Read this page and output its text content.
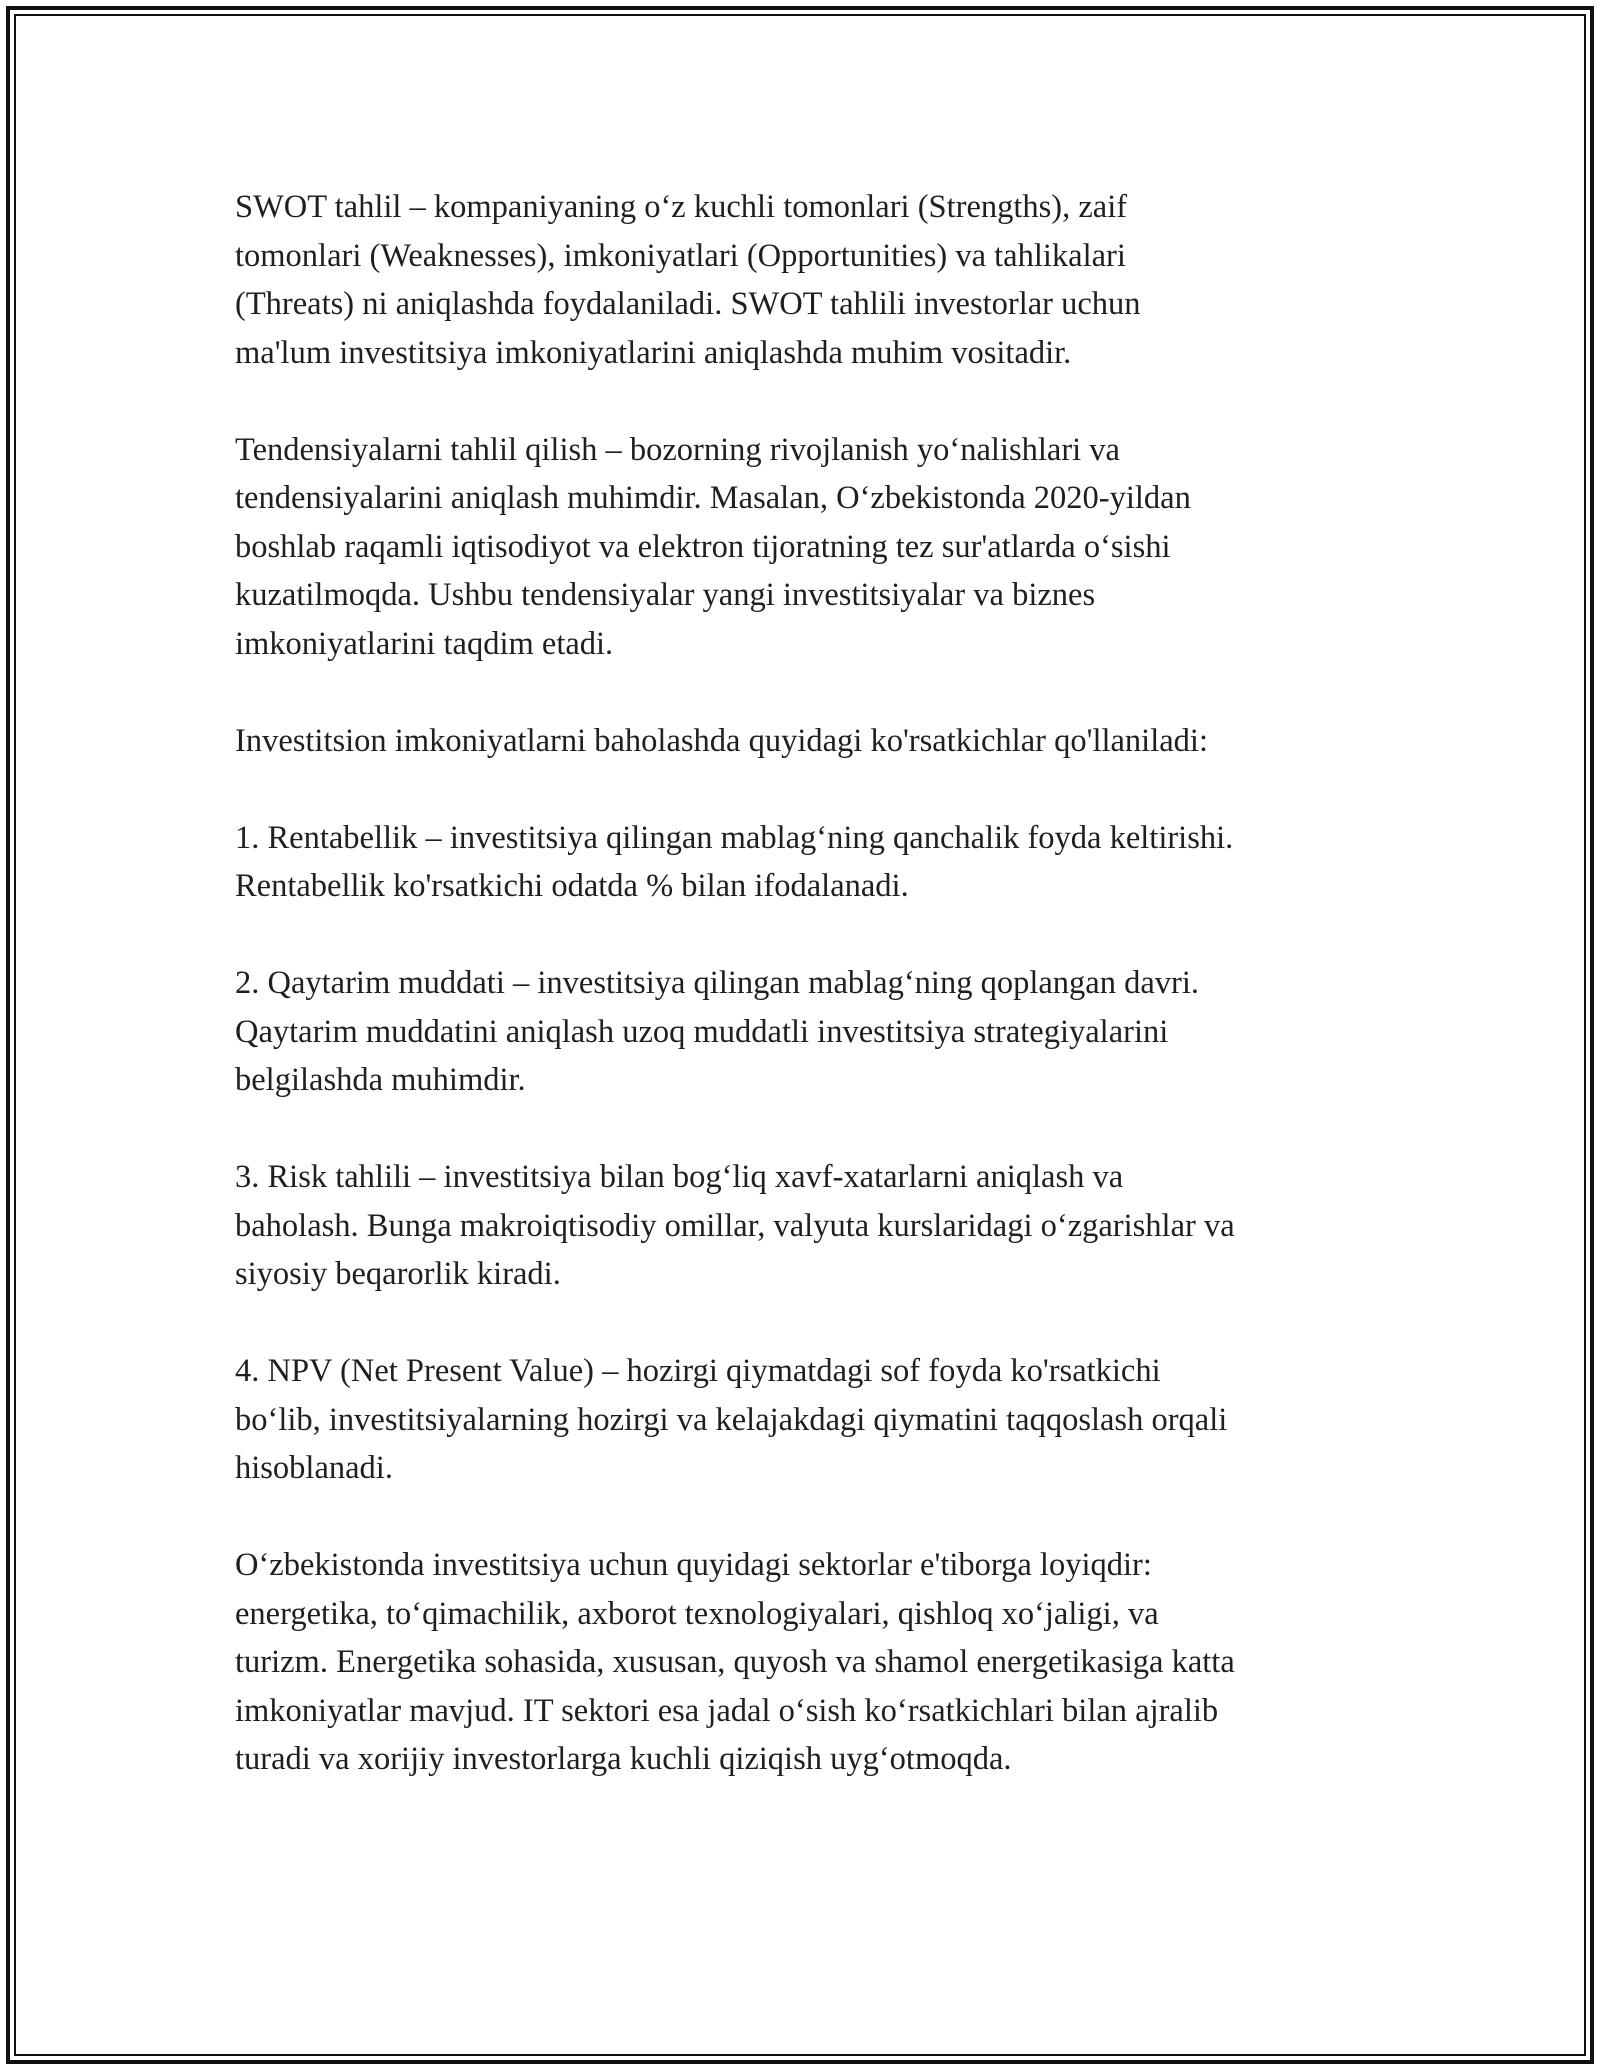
SWOT tahlil – kompaniyaning o‘z kuchli tomonlari (Strengths), zaif
tomonlari (Weaknesses), imkoniyatlari (Opportunities) va tahlikalari
(Threats) ni aniqlashda foydalaniladi. SWOT tahlili investorlar uchun
ma'lum investitsiya imkoniyatlarini aniqlashda muhim vositadir.

Tendensiyalarni tahlil qilish – bozorning rivojlanish yo‘nalishlari va
tendensiyalarini aniqlash muhimdir. Masalan, O‘zbekistonda 2020-yildan
boshlab raqamli iqtisodiyot va elektron tijoratning tez sur'atlarda o‘sishi
kuzatilmoqda. Ushbu tendensiyalar yangi investitsiyalar va biznes
imkoniyatlarini taqdim etadi.

Investitsion imkoniyatlarni baholashda quyidagi ko'rsatkichlar qo'llaniladi:

1. Rentabellik – investitsiya qilingan mablag‘ning qanchalik foyda keltirishi.
Rentabellik ko'rsatkichi odatda % bilan ifodalanadi.

2. Qaytarim muddati – investitsiya qilingan mablag‘ning qoplangan davri.
Qaytarim muddatini aniqlash uzoq muddatli investitsiya strategiyalarini
belgilashda muhimdir.

3. Risk tahlili – investitsiya bilan bog‘liq xavf-xatarlarni aniqlash va
baholash. Bunga makroiqtisodiy omillar, valyuta kurslaridagi o‘zgarishlar va
siyosiy beqarorlik kiradi.

4. NPV (Net Present Value) – hozirgi qiymatdagi sof foyda ko'rsatkichi
bo‘lib, investitsiyalarning hozirgi va kelajakdagi qiymatini taqqoslash orqali
hisoblanadi.

O‘zbekistonda investitsiya uchun quyidagi sektorlar e'tiborga loyiqdir:
energetika, to‘qimachilik, axborot texnologiyalari, qishloq xo‘jaligi, va
turizm. Energetika sohasida, xususan, quyosh va shamol energetikasiga katta
imkoniyatlar mavjud. IT sektori esa jadal o‘sish ko‘rsatkichlari bilan ajralib
turadi va xorijiy investorlarga kuchli qiziqish uyg‘otmoqda.
